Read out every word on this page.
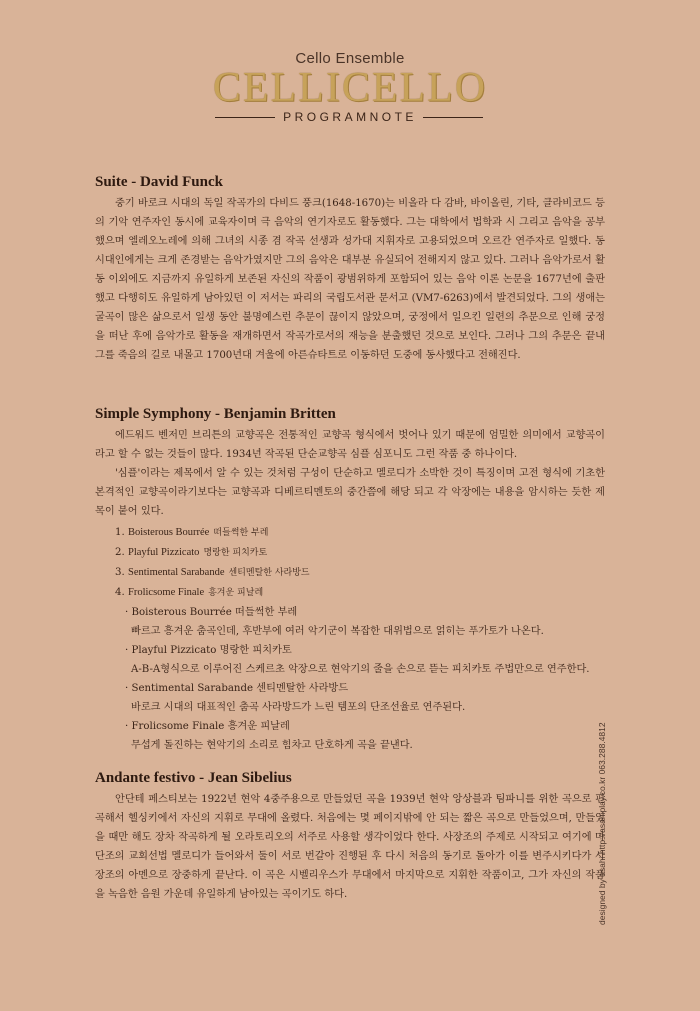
Cello Ensemble
CELLICELLO
PROGRAMNOTE
Suite - David Funck

중기 바로크 시대의 독일 작곡가의 다비드 풍크(1648-1670)는 비올라 다 감바, 바이올린, 기타, 클라비코드 등의 기악 연주자인 동시에 교육자이며 극 음악의 연기자로도 활동했다. 그는 대학에서 법학과 시 그리고 음악을 공부했으며 엘레오노레에 의해 그녀의 시종 겸 작곡 선생과 성가대 지휘자로 고용되었으며 오르간 연주자로 일했다. 동시대인에게는 크게 존경받는 음악가였지만 그의 음악은 대부분 유실되어 전해지지 않고 있다. 그러나 음악가로서 활동 이외에도 지금까지 유일하게 보존된 자신의 작품이 광범위하게 포함되어 있는 음악 이론 논문을 1677년에 출판했고 다행히도 유일하게 남아있던 이 저서는 파리의 국립도서관 문서고 (VM7-6263)에서 발견되었다. 그의 생애는 굴곡이 많은 삶으로서 일생 동안 불명예스런 추문이 끊이지 않았으며, 궁정에서 일으킨 일련의 추문으로 인해 궁정을 떠난 후에 음악가로 활동을 재개하면서 작곡가로서의 재능을 분출했던 것으로 보인다. 그러나 그의 추문은 끝내 그를 죽음의 길로 내몰고 1700년대 겨울에 아른슈타트로 이동하던 도중에 동사했다고 전해진다.

Simple Symphony - Benjamin Britten

에드워드 벤저민 브리튼의 교향곡은 전통적인 교향곡 형식에서 벗어나 있기 때문에 엄밀한 의미에서 교향곡이라고 할 수 없는 것들이 많다. 1934년 작곡된 단순교향곡 심플 심포니도 그런 작품 중 하나이다.

'심플'이라는 제목에서 알 수 있는 것처럼 구성이 단순하고 멜로디가 소박한 것이 특징이며 고전 형식에 기초한 본격적인 교향곡이라기보다는 교향곡과 디베르티멘토의 중간쯤에 해당 되고 각 악장에는 내용을 암시하는 듯한 제목이 붙어 있다.

1. Boisterous Bourrée 떠들썩한 부레
2. Playful Pizzicato 명랑한 피치카토
3. Sentimental Sarabande 센티멘탈한 사라방드
4. Frolicsome Finale 흥겨운 피날레
· Boisterous Bourrée 떠들썩한 부레
빠르고 흥겨운 춤곡인데, 후반부에 여러 악기군이 복잡한 대위법으로 얽히는 푸가토가 나온다.
· Playful Pizzicato 명랑한 피치카토
A-B-A형식으로 이루어진 스케르초 악장으로 현악기의 줄을 손으로 뜯는 피치카토 주법만으로 연주한다.
· Sentimental Sarabande 센티멘탈한 사라방드
바로크 시대의 대표적인 춤곡 사라방드가 느린 템포의 단조선율로 연주된다.
· Frolicsome Finale 흥겨운 피날레
무섭게 돌진하는 현악기의 소리로 힘차고 단호하게 곡을 끝낸다.
Andante festivo - Jean Sibelius

안단테 페스티보는 1922년 현악 4중주용으로 만들었던 곡을 1939년 현악 앙상블과 팀파니를 위한 곡으로 편곡해서 헬싱키에서 자신의 지휘로 무대에 올렸다. 처음에는 몇 페이지밖에 안 되는 짧은 곡으로 만들었으며, 만들었을 때만 해도 장차 작곡하게 될 오라토리오의 서주로 사용할 생각이었다 한다. 사장조의 주제로 시작되고 여기에 마단조의 교회선법 멜로디가 들어와서 둘이 서로 번갈아 진행된 후 다시 처음의 동기로 돌아가 이를 변주시키다가 사장조의 아멘으로 장중하게 끝난다. 이 곡은 시벨리우스가 무대에서 마지막으로 지휘한 작품이고, 그가 자신의 작품을 녹음한 음원 가운데 유일하게 남아있는 곡이기도 하다.	designed by asahi http://asahiplay.co.kr 063.288.4812
